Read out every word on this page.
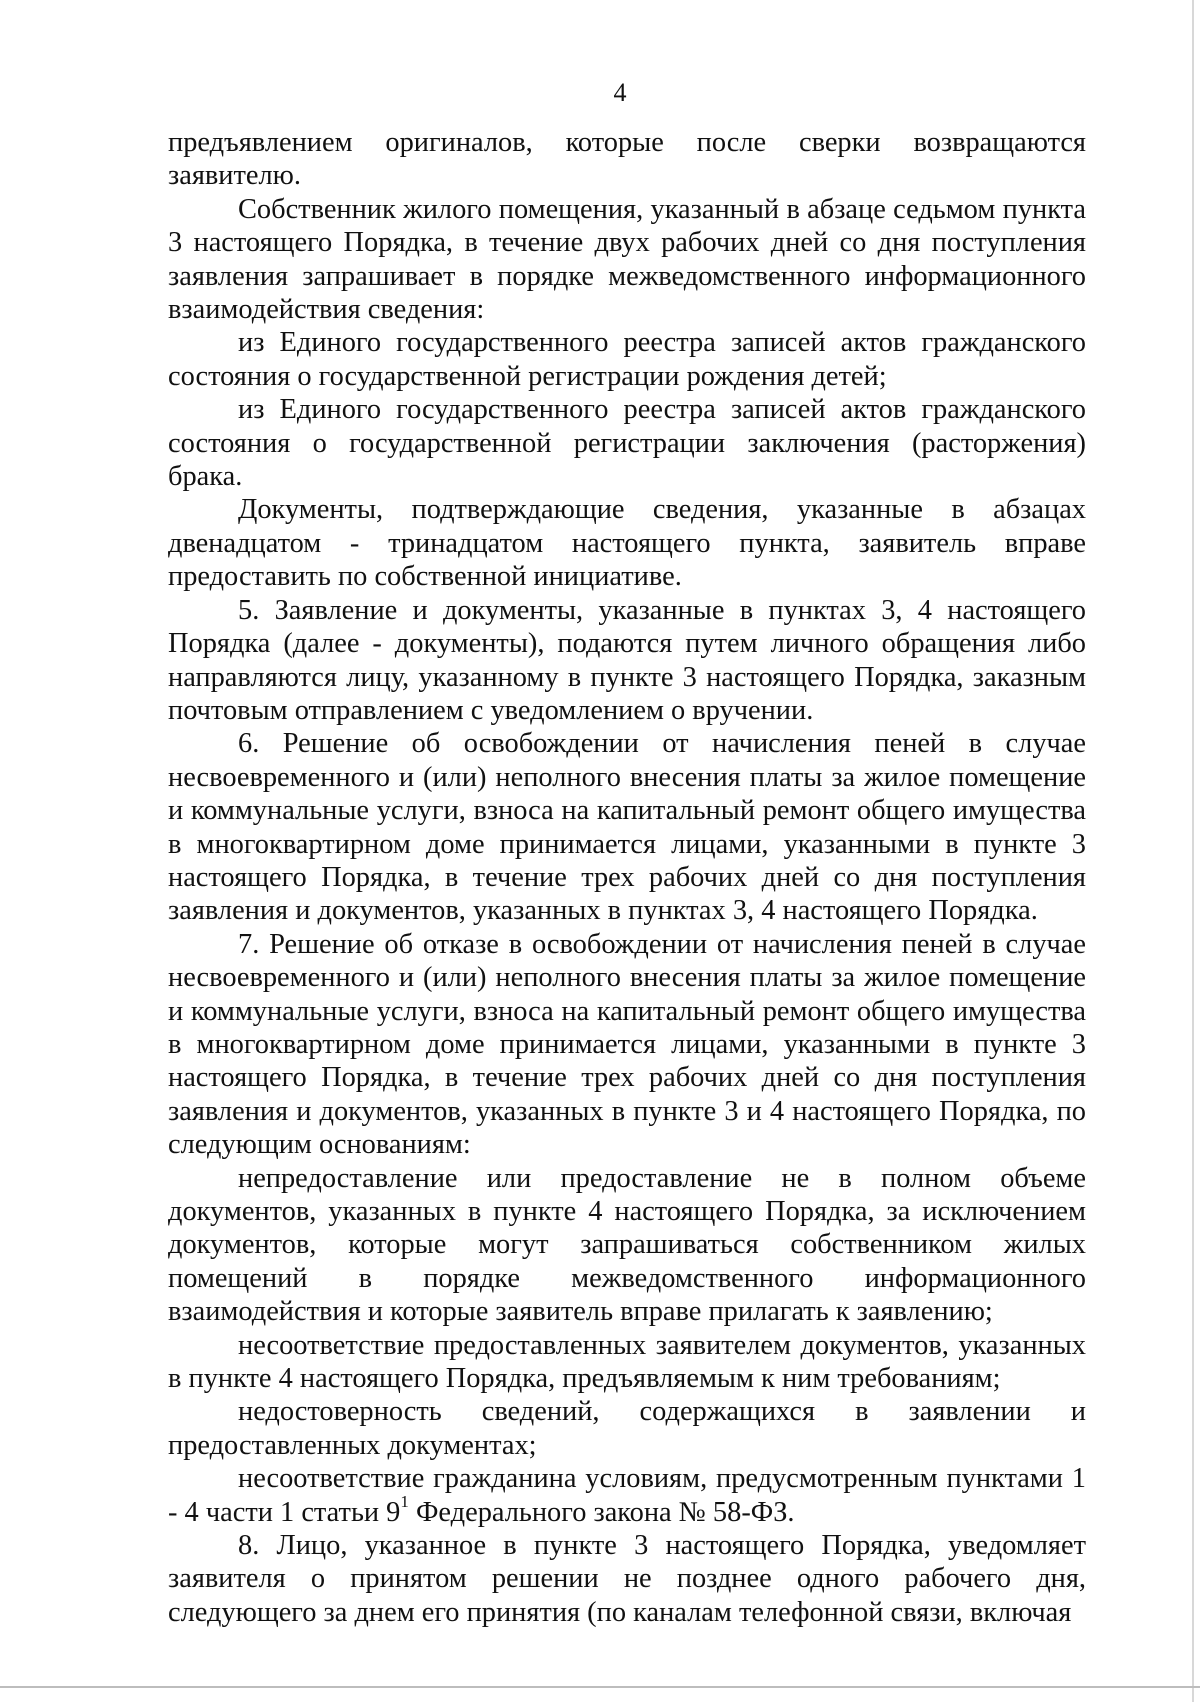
4

предъявлением оригиналов, которые после сверки возвращаются заявителю.

Собственник жилого помещения, указанный в абзаце седьмом пункта 3 настоящего Порядка, в течение двух рабочих дней со дня поступления заявления запрашивает в порядке межведомственного информационного взаимодействия сведения:

из Единого государственного реестра записей актов гражданского состояния о государственной регистрации рождения детей;

из Единого государственного реестра записей актов гражданского состояния о государственной регистрации заключения (расторжения) брака.

Документы, подтверждающие сведения, указанные в абзацах двенадцатом - тринадцатом настоящего пункта, заявитель вправе предоставить по собственной инициативе.

5. Заявление и документы, указанные в пунктах 3, 4 настоящего Порядка (далее - документы), подаются путем личного обращения либо направляются лицу, указанному в пункте 3 настоящего Порядка, заказным почтовым отправлением с уведомлением о вручении.

6. Решение об освобождении от начисления пеней в случае несвоевременного и (или) неполного внесения платы за жилое помещение и коммунальные услуги, взноса на капитальный ремонт общего имущества в многоквартирном доме принимается лицами, указанными в пункте 3 настоящего Порядка, в течение трех рабочих дней со дня поступления заявления и документов, указанных в пунктах 3, 4 настоящего Порядка.

7. Решение об отказе в освобождении от начисления пеней в случае несвоевременного и (или) неполного внесения платы за жилое помещение и коммунальные услуги, взноса на капитальный ремонт общего имущества в многоквартирном доме принимается лицами, указанными в пункте 3 настоящего Порядка, в течение трех рабочих дней со дня поступления заявления и документов, указанных в пункте 3 и 4 настоящего Порядка, по следующим основаниям:

непредоставление или предоставление не в полном объеме документов, указанных в пункте 4 настоящего Порядка, за исключением документов, которые могут запрашиваться собственником жилых помещений в порядке межведомственного информационного взаимодействия и которые заявитель вправе прилагать к заявлению;

несоответствие предоставленных заявителем документов, указанных в пункте 4 настоящего Порядка, предъявляемым к ним требованиям;

недостоверность сведений, содержащихся в заявлении и предоставленных документах;

несоответствие гражданина условиям, предусмотренным пунктами 1 - 4 части 1 статьи $9^1$ Федерального закона № 58-ФЗ.

8. Лицо, указанное в пункте 3 настоящего Порядка, уведомляет заявителя о принятом решении не позднее одного рабочего дня, следующего за днем его принятия (по каналам телефонной связи, включая
